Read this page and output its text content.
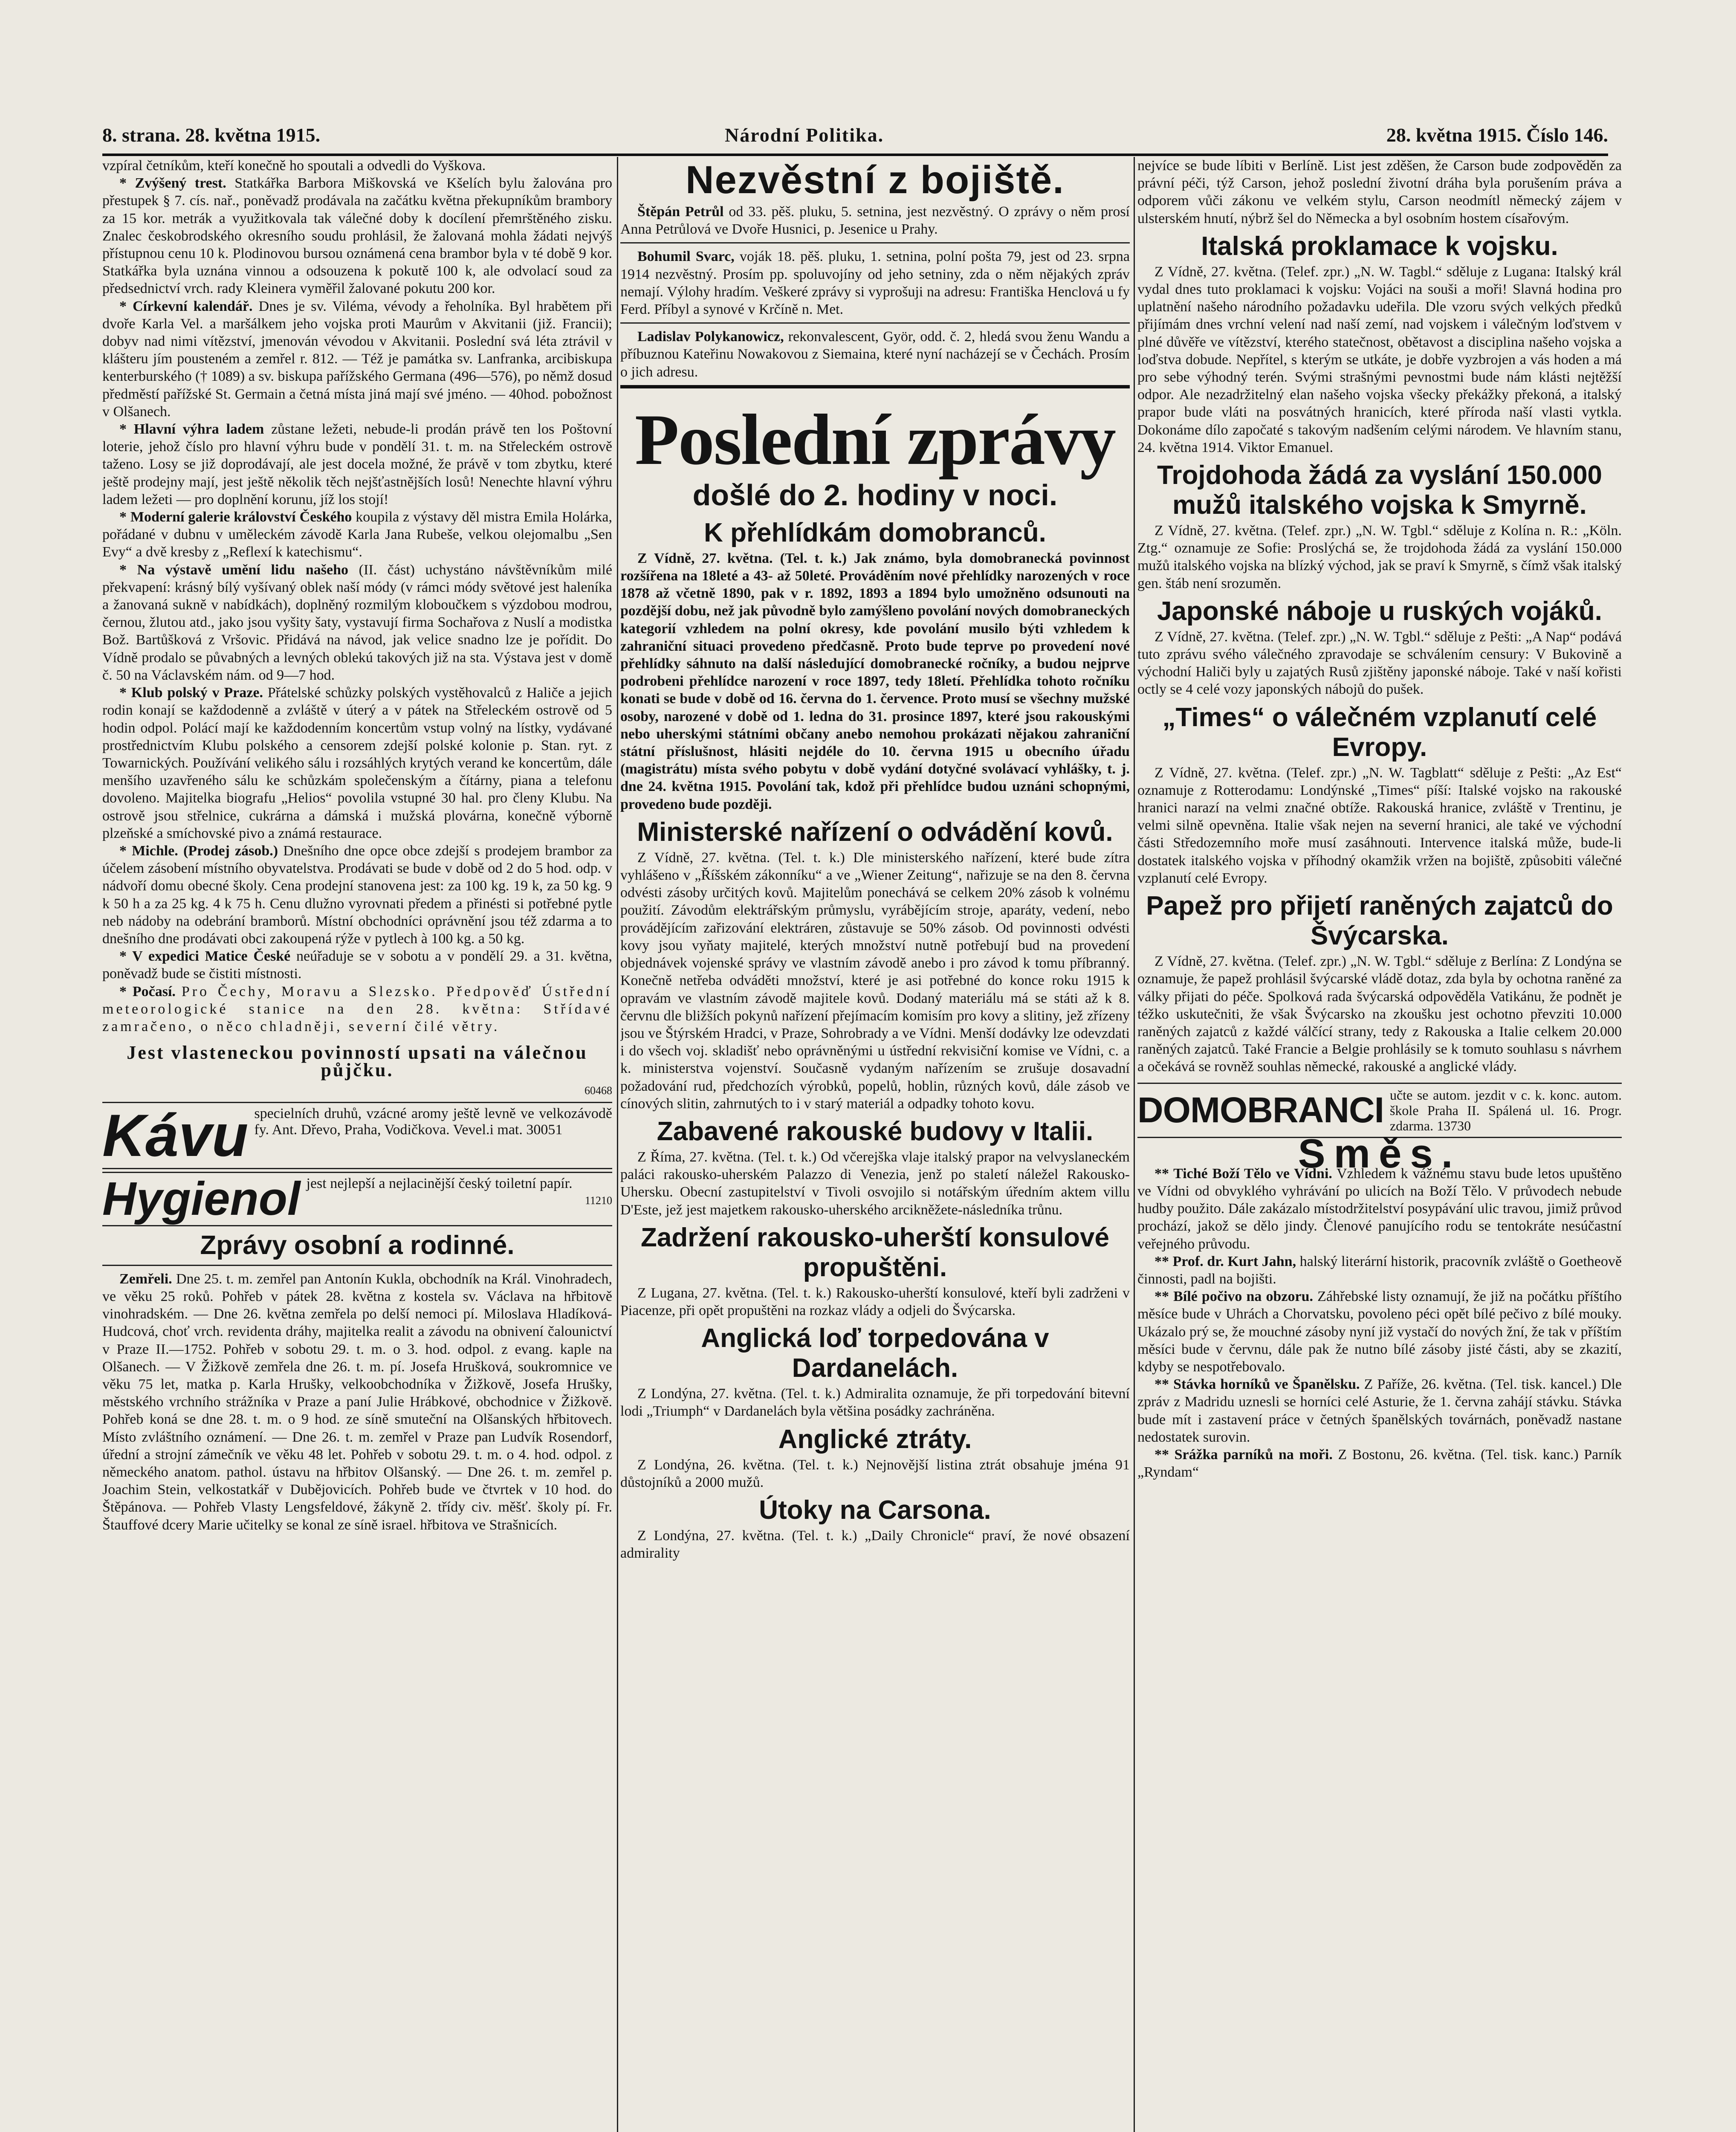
8. strana. 28. května 1915.	Národní Politika.	28. května 1915. Číslo 146.

vzpíral četníkům, kteří konečně ho spoutali a odvedli do Vyškova.

* Zvýšený trest. Statkářka Barbora Miškovská ve Kšelích bylu žalována pro přestupek § 7. cís. nař., poněvadž prodávala na začátku května překupníkům brambory za 15 kor. metrák a využitkovala tak válečné doby k docílení přemrštěného zisku. Znalec českobrodského okresního soudu prohlásil, že žalovaná mohla žádati nejvýš přístupnou cenu 10 k. Plodinovou bursou oznámená cena brambor byla v té době 9 kor. Statkářka byla uznána vinnou a odsouzena k pokutě 100 k, ale odvolací soud za předsednictví vrch. rady Kleinera vyměřil žalované pokutu 200 kor.

* Církevní kalendář. Dnes je sv. Viléma, vévody a řeholníka. Byl hrabětem při dvoře Karla Vel. a maršálkem jeho vojska proti Maurům v Akvitanii (již. Francii); dobyv nad nimi vítězství, jmenován vévodou v Akvitanii. Poslední svá léta ztrávil v klášteru jím pousteném a zemřel r. 812. — Též je památka sv. Lanfranka, arcibiskupa kenterburského († 1089) a sv. biskupa pařížského Germana (496—576), po němž dosud předměstí pařížské St. Germain a četná místa jiná mají své jméno. — 40hod. pobožnost v Olšanech.

* Hlavní výhra ladem zůstane ležeti, nebude-li prodán právě ten los Poštovní loterie, jehož číslo pro hlavní výhru bude v pondělí 31. t. m. na Střeleckém ostrově taženo. Losy se již doprodávají, ale jest docela možné, že právě v tom zbytku, které ještě prodejny mají, jest ještě několik těch nejšťastnějších losů! Nenechte hlavní výhru ladem ležeti — pro doplnění korunu, jíž los stojí!

* Moderní galerie království Českého koupila z výstavy děl mistra Emila Holárka, pořádané v dubnu v uměleckém závodě Karla Jana Rubeše, velkou olejomalbu „Sen Evy“ a dvě kresby z „Reflexí k katechismu“.

* Na výstavě umění lidu našeho (II. část) uchystáno návštěvníkům milé překvapení: krásný bílý vyšívaný oblek naší módy (v rámci módy světové jest haleníka a žanovaná sukně v nabídkách), doplněný rozmilým kloboučkem s výzdobou modrou, černou, žlutou atd., jako jsou vyšity šaty, vystavují firma Sochařova z Nuslí a modistka Bož. Bartůšková z Vršovic. Přidává na návod, jak velice snadno lze je pořídit. Do Vídně prodalo se půvabných a levných oblekú takových již na sta. Výstava jest v domě č. 50 na Václavském nám. od 9—7 hod.

* Klub polský v Praze. Přátelské schůzky polských vystěhovalců z Haliče a jejich rodin konají se každodenně a zvláště v úterý a v pátek na Střeleckém ostrově od 5 hodin odpol. Polácí mají ke každodenním koncertům vstup volný na lístky, vydávané prostřednictvím Klubu polského a censorem zdejší polské kolonie p. Stan. ryt. z Towarnických. Používání velikého sálu i rozsáhlých krytých verand ke koncertům, dále menšího uzavřeného sálu ke schůzkám společenským a čítárny, piana a telefonu dovoleno. Majitelka biografu „Helios“ povolila vstupné 30 hal. pro členy Klubu. Na ostrově jsou střelnice, cukrárna a dámská i mužská plovárna, konečně výborně plzeňské a smíchovské pivo a známá restaurace.

* Michle. (Prodej zásob.) Dnešního dne opce obce zdejší s prodejem brambor za účelem zásobení místního obyvatelstva. Prodávati se bude v době od 2 do 5 hod. odp. v nádvoří domu obecné školy. Cena prodejní stanovena jest: za 100 kg. 19 k, za 50 kg. 9 k 50 h a za 25 kg. 4 k 75 h. Cenu dlužno vyrovnati předem a přinésti si potřebné pytle neb nádoby na odebrání bramborů. Místní obchodníci oprávnění jsou též zdarma a to dnešního dne prodávati obci zakoupená rýže v pytlech à 100 kg. a 50 kg.

* V expedici Matice České neúřaduje se v sobotu a v pondělí 29. a 31. května, poněvadž bude se čistiti místnosti.

* Počasí. Pro Čechy, Moravu a Slezsko. Předpověď Ústřední meteorologické stanice na den 28. května: Střídavé zamračeno, o něco chladněji, severní čilé větry.

Jest vlasteneckou povinností upsati na válečnou půjčku.
60468
Kávu specielních druhů, vzácné aromy ještě levně ve velkozávodě fy. Ant. Dřevo, Praha, Vodičkova. Vevel.i mat. 30051
Hygienol jest nejlepší a nejlacinější český toiletní papír.
11210
Zprávy osobní a rodinné.

Zemřeli. Dne 25. t. m. zemřel pan Antonín Kukla, obchodník na Král. Vinohradech, ve věku 25 roků. Pohřeb v pátek 28. května z kostela sv. Václava na hřbitově vinohradském. — Dne 26. května zemřela po delší nemoci pí. Miloslava Hladíková-Hudcová, choť vrch. revidenta dráhy, majitelka realit a závodu na obnivení čalounictví v Praze II.—1752. Pohřeb v sobotu 29. t. m. o 3. hod. odpol. z evang. kaple na Olšanech. — V Žižkově zemřela dne 26. t. m. pí. Josefa Hrušková, soukromnice ve věku 75 let, matka p. Karla Hrušky, velkoobchodníka v Žižkově, Josefa Hrušky, městského vrchního strážníka v Praze a paní Julie Hrábkové, obchodnice v Žižkově. Pohřeb koná se dne 28. t. m. o 9 hod. ze síně smuteční na Olšanských hřbitovech. Místo zvláštního oznámení. — Dne 26. t. m. zemřel v Praze pan Ludvík Rosendorf, úřední a strojní zámečník ve věku 48 let. Pohřeb v sobotu 29. t. m. o 4. hod. odpol. z německého anatom. pathol. ústavu na hřbitov Olšanský. — Dne 26. t. m. zemřel p. Joachim Stein, velkostatkář v Dubějovicích. Pohřeb bude ve čtvrtek v 10 hod. do Štěpánova. — Pohřeb Vlasty Lengsfeldové, žákyně 2. třídy civ. měšť. školy pí. Fr. Štauffové dcery Marie učitelky se konal ze síně israel. hřbitova ve Strašnicích.

Nezvěstní z bojiště.

Štěpán Petrůl od 33. pěš. pluku, 5. setnina, jest nezvěstný. O zprávy o něm prosí Anna Petrůlová ve Dvoře Husnici, p. Jesenice u Prahy.

Bohumil Svarc, voják 18. pěš. pluku, 1. setnina, polní pošta 79, jest od 23. srpna 1914 nezvěstný. Prosím pp. spoluvojíny od jeho setniny, zda o něm nějakých zpráv nemají. Výlohy hradím. Veškeré zprávy si vyprošuji na adresu: Františka Henclová u fy Ferd. Příbyl a synové v Krčíně n. Met.

Ladislav Polykanowicz, rekonvalescent, Györ, odd. č. 2, hledá svou ženu Wandu a příbuznou Kateřinu Nowakovou z Siemaina, které nyní nacházejí se v Čechách. Prosím o jich adresu.

Poslední zprávy
došlé do 2. hodiny v noci.
K přehlídkám domobranců.

Z Vídně, 27. května. (Tel. t. k.) Jak známo, byla domobranecká povinnost rozšířena na 18leté a 43- až 50leté. Prováděním nové přehlídky narozených v roce 1878 až včetně 1890, pak v r. 1892, 1893 a 1894 bylo umožněno odsunouti na pozdější dobu, než jak původně bylo zamýšleno povolání nových domobraneckých kategorií vzhledem na polní okresy, kde povolání musilo býti vzhledem k zahraniční situaci provedeno předčasně. Proto bude teprve po provedení nové přehlídky sáhnuto na další následující domobranecké ročníky, a budou nejprve podrobeni přehlídce narození v roce 1897, tedy 18letí. Přehlídka tohoto ročníku konati se bude v době od 16. června do 1. července. Proto musí se všechny mužské osoby, narozené v době od 1. ledna do 31. prosince 1897, které jsou rakouskými nebo uherskými státními občany anebo nemohou prokázati nějakou zahraniční státní příslušnost, hlásiti nejdéle do 10. června 1915 u obecního úřadu (magistrátu) místa svého pobytu v době vydání dotyčné svolávací vyhlášky, t. j. dne 24. května 1915. Povolání tak, kdož při přehlídce budou uznáni schopnými, provedeno bude později.

Ministerské nařízení o odvádění kovů.

Z Vídně, 27. května. (Tel. t. k.) Dle ministerského nařízení, které bude zítra vyhlášeno v „Říšském zákonníku“ a ve „Wiener Zeitung“, nařizuje se na den 8. června odvésti zásoby určitých kovů. Majitelům ponechává se celkem 20% zásob k volnému použití. Závodům elektrářským průmyslu, vyrábějícím stroje, aparáty, vedení, nebo provádějícím zařizování elektráren, zůstavuje se 50% zásob. Od povinnosti odvésti kovy jsou vyňaty majitelé, kterých množství nutně potřebují bud na provedení objednávek vojenské správy ve vlastním závodě anebo i pro závod k tomu příbranný. Konečně netřeba odváděti množství, které je asi potřebné do konce roku 1915 k opravám ve vlastním závodě majitele kovů. Dodaný materiálu má se státi až k 8. červnu dle bližších pokynů nařízení přejímacím komisím pro kovy a slitiny, jež zřízeny jsou ve Štýrském Hradci, v Praze, Sohrobrady a ve Vídni. Menší dodávky lze odevzdati i do všech voj. skladišť nebo oprávněnými u ústřední rekvisiční komise ve Vídni, c. a k. ministerstva vojenství. Současně vydaným nařízením se zrušuje dosavadní požadování rud, předchozích výrobků, popelů, hoblin, různých kovů, dále zásob ve cínových slitin, zahrnutých to i v starý materiál a odpadky tohoto kovu.

Zabavené rakouské budovy v Italii.

Z Říma, 27. května. (Tel. t. k.) Od včerejška vlaje italský prapor na velvyslaneckém paláci rakousko-uherském Palazzo di Venezia, jenž po staletí náležel Rakousko-Uhersku. Obecní zastupitelství v Tivoli osvojilo si notářským úředním aktem villu D'Este, jež jest majetkem rakousko-uherského arcikněžete-následníka trůnu.

Zadržení rakousko-uherští konsulové propuštěni.

Z Lugana, 27. května. (Tel. t. k.) Rakousko-uherští konsulové, kteří byli zadrženi v Piacenze, při opět propuštěni na rozkaz vlády a odjeli do Švýcarska.

Anglická loď torpedována v Dardanelách.

Z Londýna, 27. května. (Tel. t. k.) Admiralita oznamuje, že při torpedování bitevní lodi „Triumph“ v Dardanelách byla většina posádky zachráněna.

Anglické ztráty.

Z Londýna, 26. května. (Tel. t. k.) Nejnovější listina ztrát obsahuje jména 91 důstojníků a 2000 mužů.

Útoky na Carsona.

Z Londýna, 27. května. (Tel. t. k.) „Daily Chronicle“ praví, že nové obsazení admirality

nejvíce se bude líbiti v Berlíně. List jest zděšen, že Carson bude zodpověděn za právní péči, týž Carson, jehož poslední životní dráha byla porušením práva a odporem vůči zákonu ve velkém stylu, Carson neodmítl německý zájem v ulsterském hnutí, nýbrž šel do Německa a byl osobním hostem císařovým.

Italská proklamace k vojsku.

Z Vídně, 27. května. (Telef. zpr.) „N. W. Tagbl.“ sděluje z Lugana: Italský král vydal dnes tuto proklamaci k vojsku: Vojáci na souši a moři! Slavná hodina pro uplatnění našeho národního požadavku udeřila. Dle vzoru svých velkých předků přijímám dnes vrchní velení nad naší zemí, nad vojskem i válečným loďstvem v plné důvěře ve vítězství, kterého statečnost, obětavost a disciplina našeho vojska a loďstva dobude. Nepřítel, s kterým se utkáte, je dobře vyzbrojen a vás hoden a má pro sebe výhodný terén. Svými strašnými pevnostmi bude nám klásti nejtěžší odpor. Ale nezadržitelný elan našeho vojska všecky překážky překoná, a italský prapor bude vláti na posvátných hranicích, které příroda naší vlasti vytkla. Dokonáme dílo započaté s takovým nadšením celými národem. Ve hlavním stanu, 24. května 1914. Viktor Emanuel.

Trojdohoda žádá za vyslání 150.000 mužů italského vojska k Smyrně.

Z Vídně, 27. května. (Telef. zpr.) „N. W. Tgbl.“ sděluje z Kolína n. R.: „Köln. Ztg.“ oznamuje ze Sofie: Proslýchá se, že trojdohoda žádá za vyslání 150.000 mužů italského vojska na blízký východ, jak se praví k Smyrně, s čímž však italský gen. štáb není srozuměn.

Japonské náboje u ruských vojáků.

Z Vídně, 27. května. (Telef. zpr.) „N. W. Tgbl.“ sděluje z Pešti: „A Nap“ podává tuto zprávu svého válečného zpravodaje se schválením censury: V Bukovině a východní Haliči byly u zajatých Rusů zjištěny japonské náboje. Také v naší kořisti octly se 4 celé vozy japonských nábojů do pušek.

„Times“ o válečném vzplanutí celé Evropy.

Z Vídně, 27. května. (Telef. zpr.) „N. W. Tagblatt“ sděluje z Pešti: „Az Est“ oznamuje z Rotterodamu: Londýnské „Times“ píší: Italské vojsko na rakouské hranici narazí na velmi značné obtíže. Rakouská hranice, zvláště v Trentinu, je velmi silně opevněna. Italie však nejen na severní hranici, ale také ve východní části Středozemního moře musí zasáhnouti. Intervence italská může, bude-li dostatek italského vojska v příhodný okamžik vržen na bojiště, způsobiti válečné vzplanutí celé Evropy.

Papež pro přijetí raněných zajatců do Švýcarska.

Z Vídně, 27. května. (Telef. zpr.) „N. W. Tgbl.“ sděluje z Berlína: Z Londýna se oznamuje, že papež prohlásil švýcarské vládě dotaz, zda byla by ochotna raněné za války přijati do péče. Spolková rada švýcarská odpověděla Vatikánu, že podnět je téžko uskutečniti, že však Švýcarsko na zkoušku jest ochotno převziti 10.000 raněných zajatců z každé válčící strany, tedy z Rakouska a Italie celkem 20.000 raněných zajatců. Také Francie a Belgie prohlásily se k tomuto souhlasu s návrhem a očekává se rovněž souhlas německé, rakouské a anglické vlády.

DOMOBRANCI učte se autom. jezdit v c. k. konc. autom. škole Praha II. Spálená ul. 16. Progr. zdarma. 13730
Směs.

** Tiché Boží Tělo ve Vídni. Vzhledem k vážnému stavu bude letos upuštěno ve Vídni od obvyklého vyhrávání po ulicích na Boží Tělo. V průvodech nebude hudby použito. Dále zakázalo místodržitelství posypávání ulic travou, jimiž průvod prochází, jakož se dělo jindy. Členové panujícího rodu se tentokráte nesúčastní veřejného průvodu.

** Prof. dr. Kurt Jahn, halský literární historik, pracovník zvláště o Goetheově činnosti, padl na bojišti.

** Bílé počivo na obzoru. Záhřebské listy oznamují, že již na počátku příštího měsíce bude v Uhrách a Chorvatsku, povoleno péci opět bílé pečivo z bílé mouky. Ukázalo prý se, že mouchné zásoby nyní již vystačí do nových žní, že tak v příštím měsíci bude v červnu, dále pak že nutno bílé zásoby jisté části, aby se zkazití, kdyby se nespotřebovalo.

** Stávka horníků ve Španělsku. Z Paříže, 26. května. (Tel. tisk. kancel.) Dle zpráv z Madridu uznesli se horníci celé Asturie, že 1. června zahájí stávku. Stávka bude mít i zastavení práce v četných španělských továrnách, poněvadž nastane nedostatek surovin.

** Srážka parníků na moři. Z Bostonu, 26. května. (Tel. tisk. kanc.) Parník „Ryndam“
